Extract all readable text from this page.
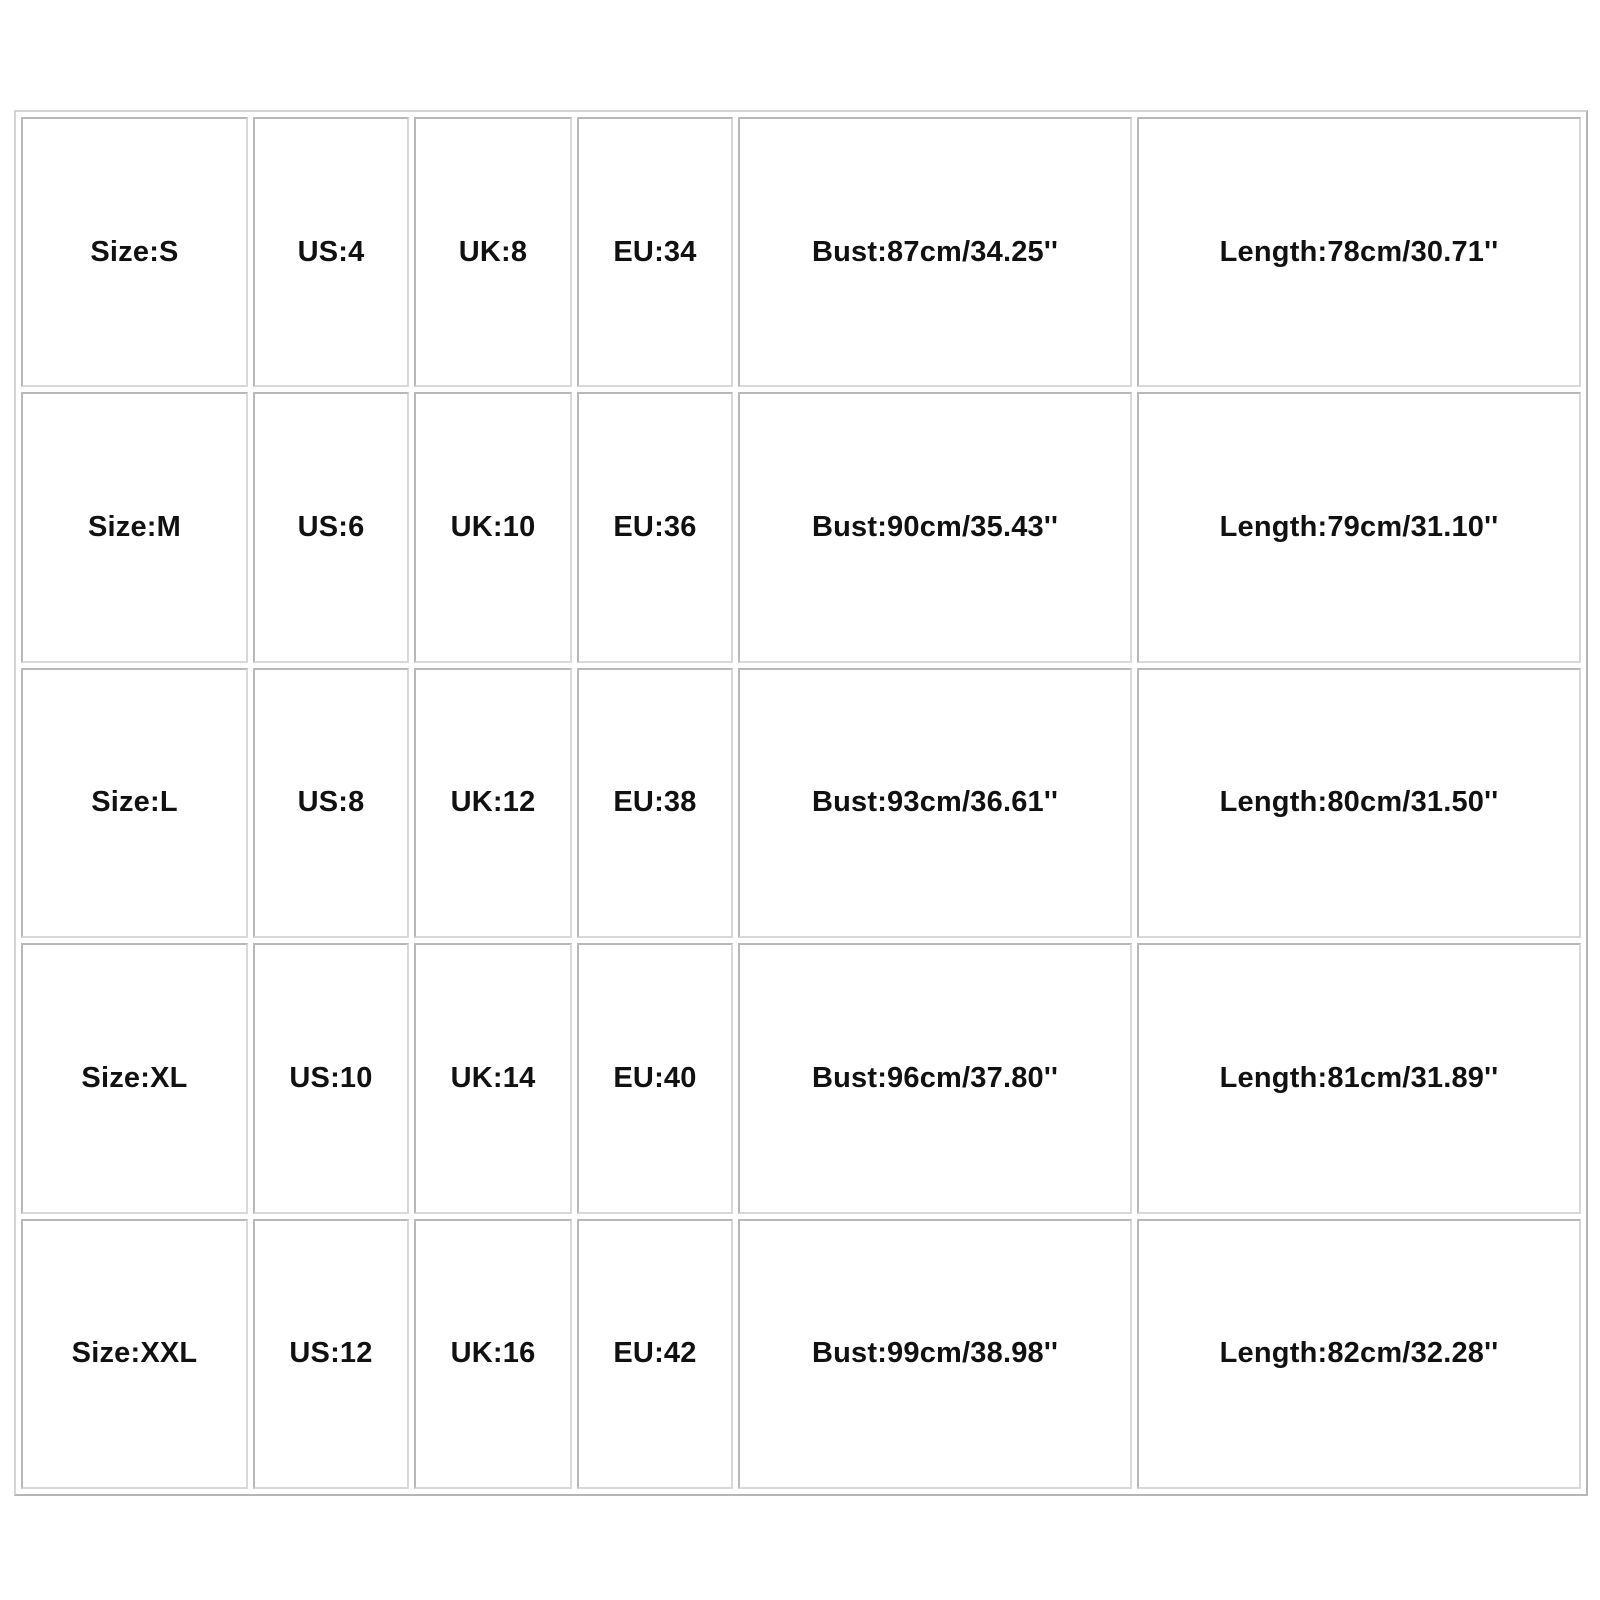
Size:S	US:4	UK:8	EU:34	Bust:87cm/34.25''	Length:78cm/30.71''
Size:M	US:6	UK:10	EU:36	Bust:90cm/35.43''	Length:79cm/31.10''
Size:L	US:8	UK:12	EU:38	Bust:93cm/36.61''	Length:80cm/31.50''
Size:XL	US:10	UK:14	EU:40	Bust:96cm/37.80''	Length:81cm/31.89''
Size:XXL	US:12	UK:16	EU:42	Bust:99cm/38.98''	Length:82cm/32.28''
